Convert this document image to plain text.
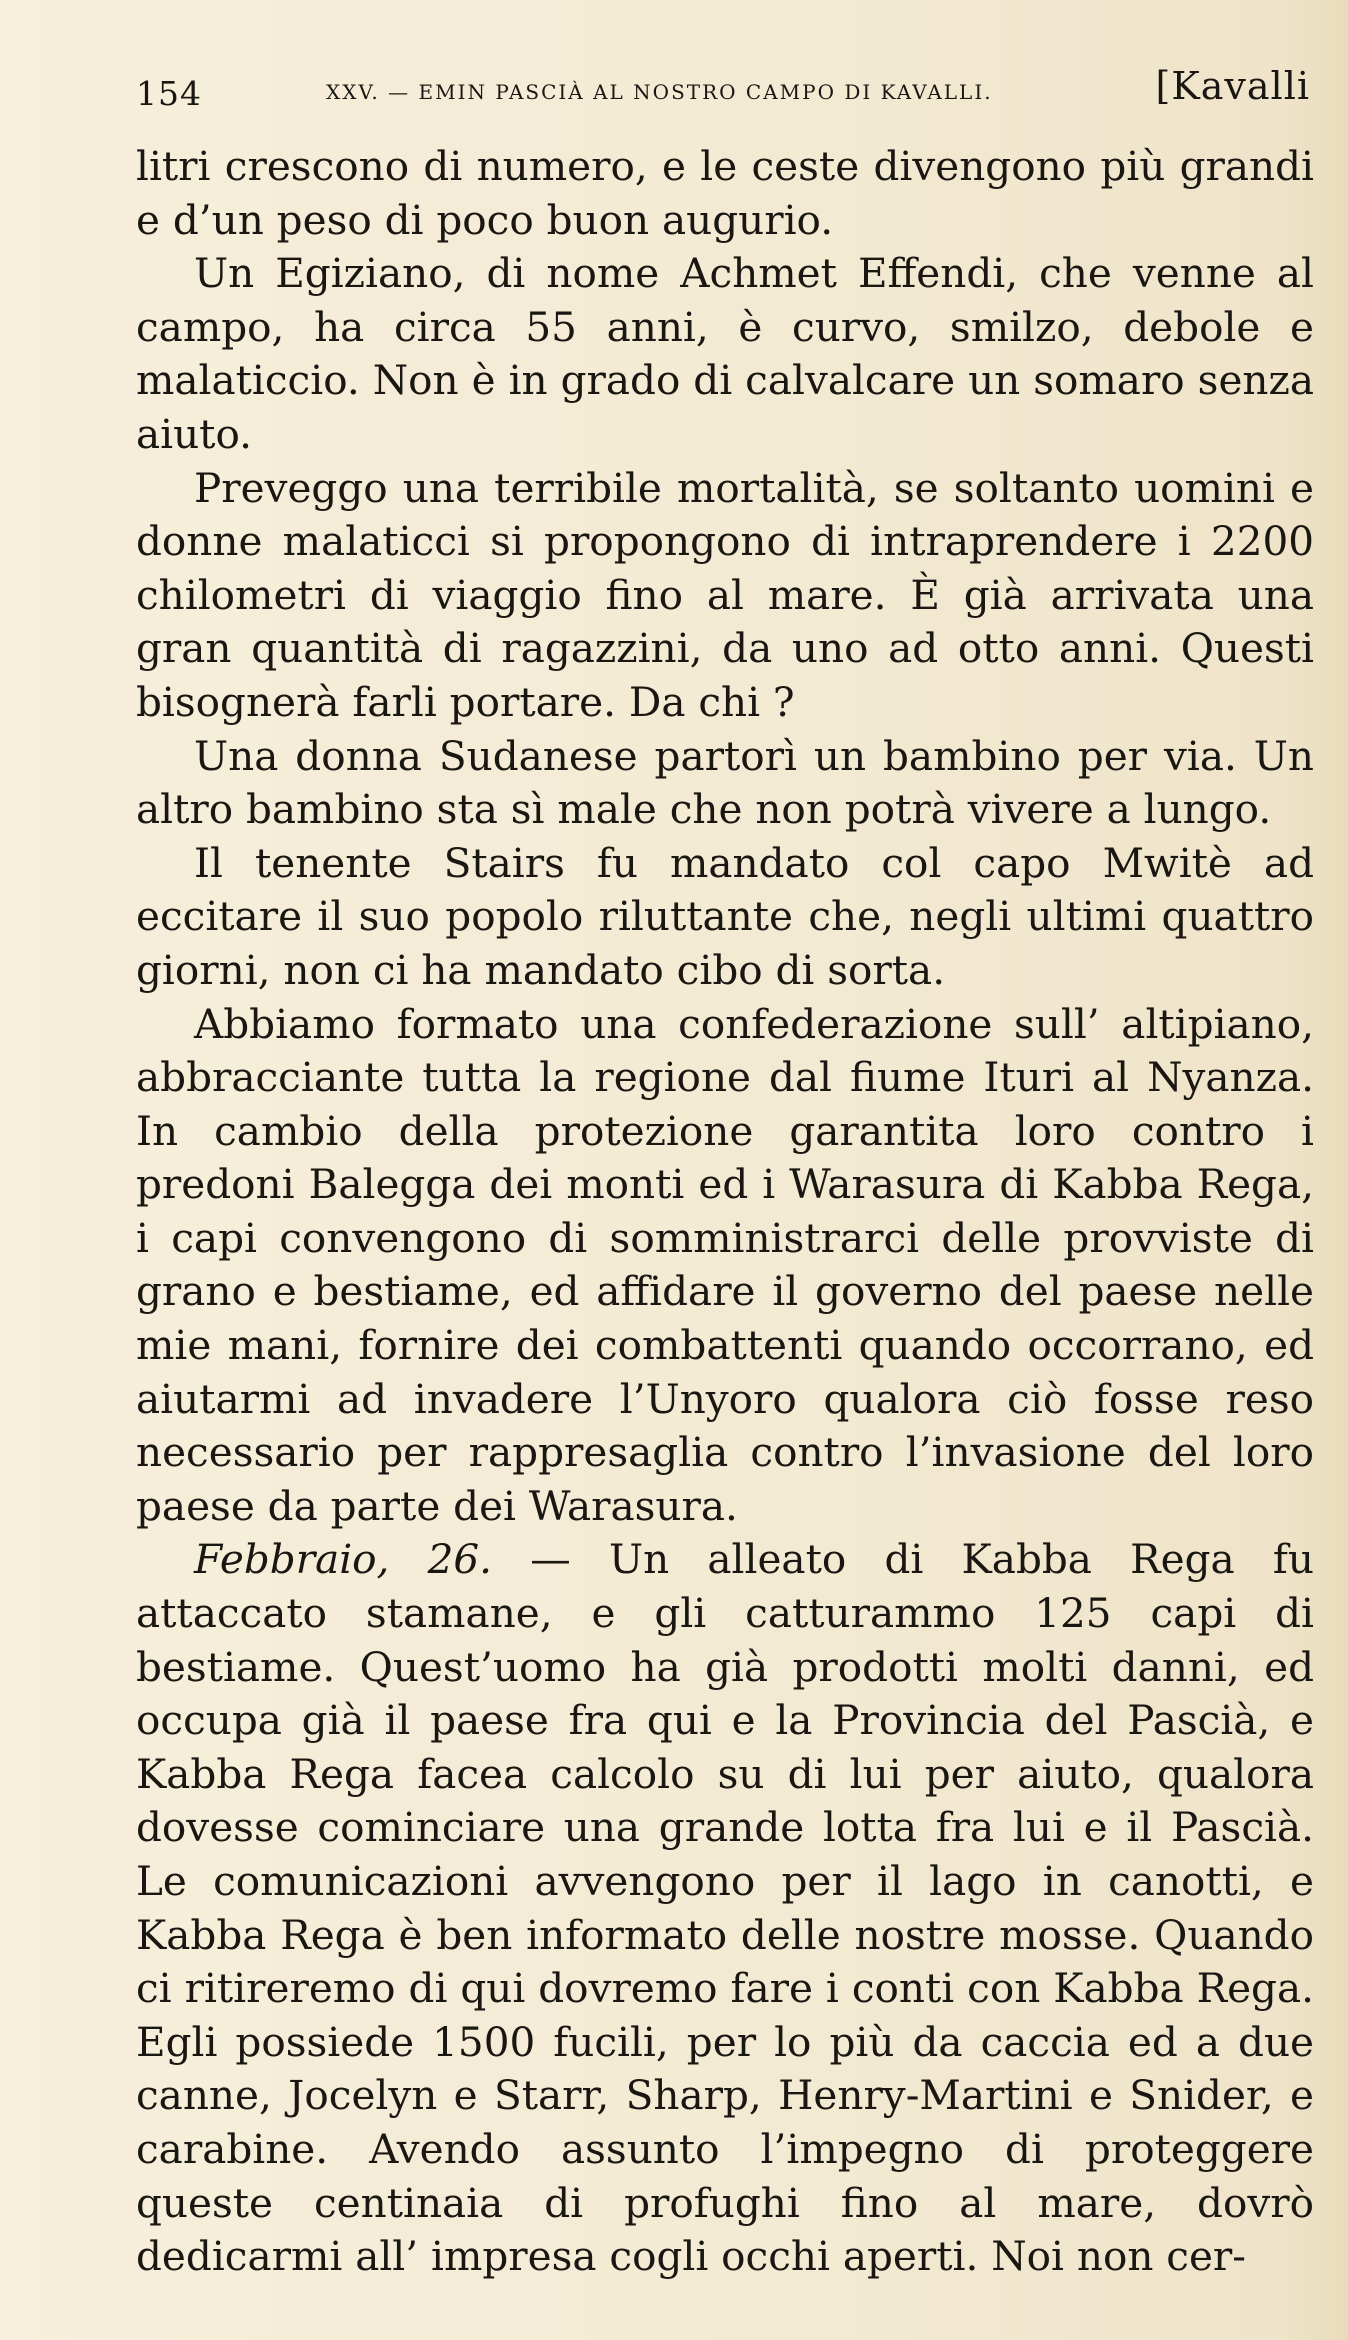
154	XXV. — EMIN PASCIÀ AL NOSTRO CAMPO DI KAVALLI.	[Kavalli

litri crescono di numero, e le ceste divengono più grandi e d’un peso di poco buon augurio.

Un Egiziano, di nome Achmet Effendi, che venne al campo, ha circa 55 anni, è curvo, smilzo, debole e malaticcio. Non è in grado di calvalcare un somaro senza aiuto.

Preveggo una terribile mortalità, se soltanto uomini e donne malaticci si propongono di intraprendere i 2200 chilometri di viaggio fino al mare. È già arrivata una gran quantità di ragazzini, da uno ad otto anni. Questi bisognerà farli portare. Da chi ?

Una donna Sudanese partorì un bambino per via. Un altro bambino sta sì male che non potrà vivere a lungo.

Il tenente Stairs fu mandato col capo Mwitè ad eccitare il suo popolo riluttante che, negli ultimi quattro giorni, non ci ha mandato cibo di sorta.

Abbiamo formato una confederazione sull’ altipiano, abbracciante tutta la regione dal fiume Ituri al Nyanza. In cambio della protezione garantita loro contro i predoni Balegga dei monti ed i Warasura di Kabba Rega, i capi convengono di somministrarci delle provviste di grano e bestiame, ed affidare il governo del paese nelle mie mani, fornire dei combattenti quando occorrano, ed aiutarmi ad invadere l’Unyoro qualora ciò fosse reso necessario per rappresaglia contro l’invasione del loro paese da parte dei Warasura.

Febbraio, 26. — Un alleato di Kabba Rega fu attaccato stamane, e gli catturammo 125 capi di bestiame. Quest’uomo ha già prodotti molti danni, ed occupa già il paese fra qui e la Provincia del Pascià, e Kabba Rega facea calcolo su di lui per aiuto, qualora dovesse cominciare una grande lotta fra lui e il Pascià. Le comunicazioni avvengono per il lago in canotti, e Kabba Rega è ben informato delle nostre mosse. Quando ci ritireremo di qui dovremo fare i conti con Kabba Rega. Egli possiede 1500 fucili, per lo più da caccia ed a due canne, Jocelyn e Starr, Sharp, Henry-Martini e Snider, e carabine. Avendo assunto l’impegno di proteggere queste centinaia di profughi fino al mare, dovrò dedicarmi all’ impresa cogli occhi aperti. Noi non cer-
